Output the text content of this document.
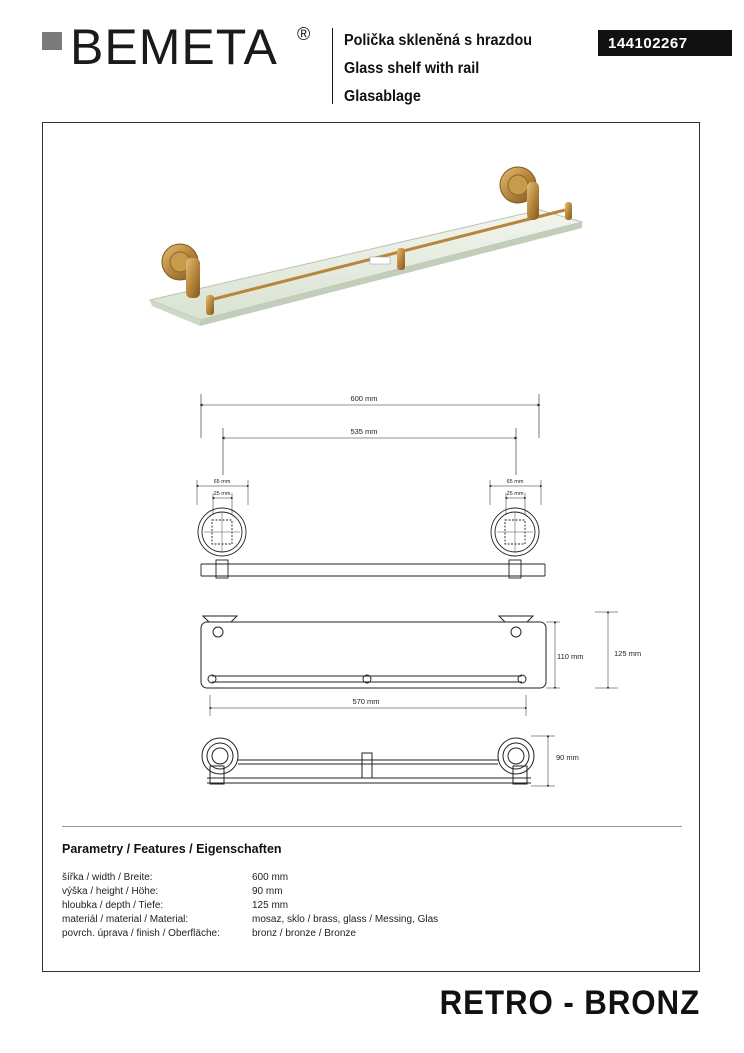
BEMETA ® Polička skleněná s hrazdou
Glass shelf with rail
Glasablage
144102267
600 mm
535 mm
65 mm
25 mm
65 mm
25 mm
110 mm	125 mm
570 mm
90 mm
Parametry / Features / Eigenschaften
šířka / width / Breite:	600 mm
výška / height / Höhe:	90 mm
hloubka / depth / Tiefe:	125 mm
materiál / material / Material:	mosaz, sklo / brass, glass / Messing, Glas
povrch. úprava / finish / Oberfläche:	bronz / bronze / Bronze
RETRO - BRONZ
